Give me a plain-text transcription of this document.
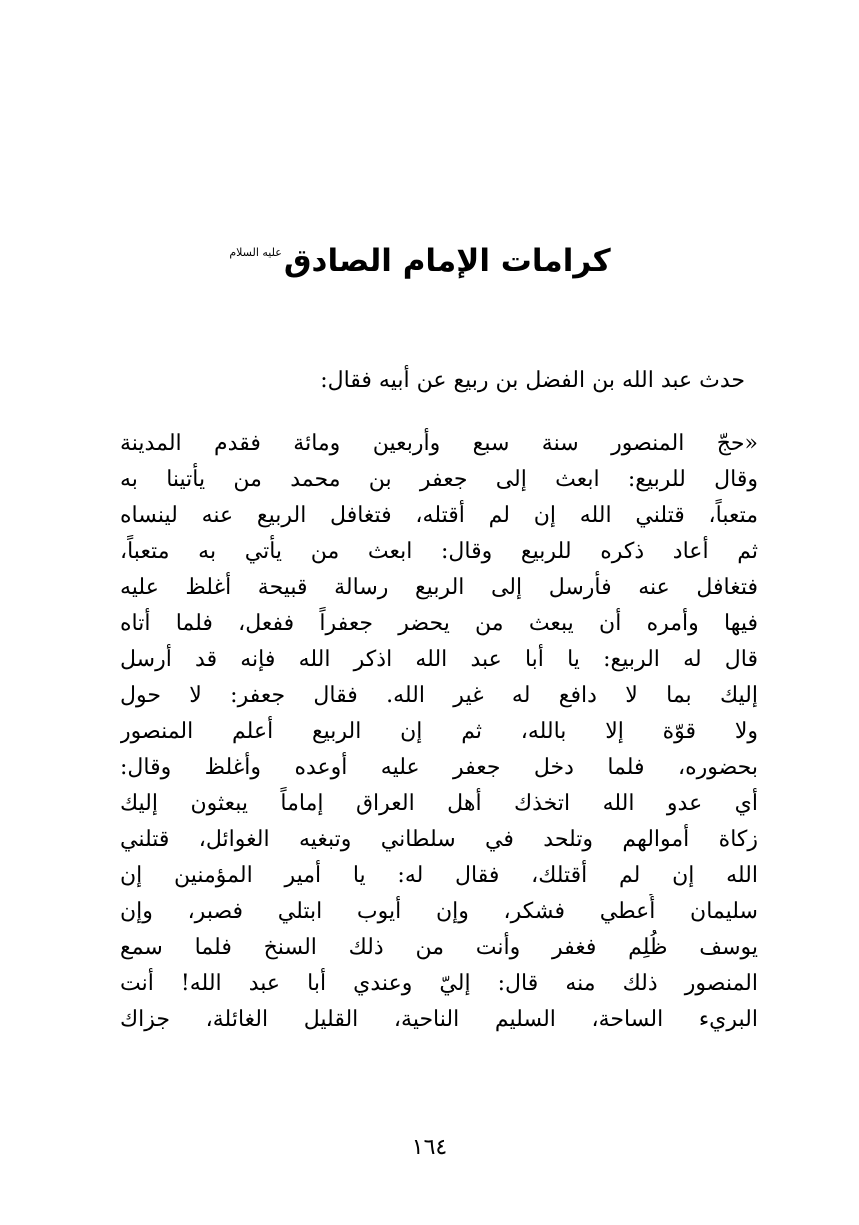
كرامات الإمام الصادقعليه السلام
حدث عبد الله بن الفضل بن ربيع عن أبيه فقال:
«حجّ المنصور سنة سبع وأربعين ومائة فقدم المدينة
وقال للربيع: ابعث إلى جعفر بن محمد من يأتينا به
متعباً، قتلني الله إن لم أقتله، فتغافل الربيع عنه لينساه
ثم أعاد ذكره للربيع وقال: ابعث من يأتي به متعباً،
فتغافل عنه فأرسل إلى الربيع رسالة قبيحة أغلظ عليه
فيها وأمره أن يبعث من يحضر جعفراً ففعل، فلما أتاه
قال له الربيع: يا أبا عبد الله اذكر الله فإنه قد أرسل
إليك بما لا دافع له غير الله. فقال جعفر: لا حول
ولا قوّة إلا بالله، ثم إن الربيع أعلم المنصور
بحضوره، فلما دخل جعفر عليه أوعده وأغلظ وقال:
أي عدو الله اتخذك أهل العراق إماماً يبعثون إليك
زكاة أموالهم وتلحد في سلطاني وتبغيه الغوائل، قتلني
الله إن لم أقتلك، فقال له: يا أمير المؤمنين إن
سليمان أُعطي فشكر، وإن أيوب ابتلي فصبر، وإن
يوسف ظُلِم فغفر وأنت من ذلك السنخ فلما سمع
المنصور ذلك منه قال: إليّ وعندي أبا عبد الله! أنت
البريء الساحة، السليم الناحية، القليل الغائلة، جزاك
١٦٤
